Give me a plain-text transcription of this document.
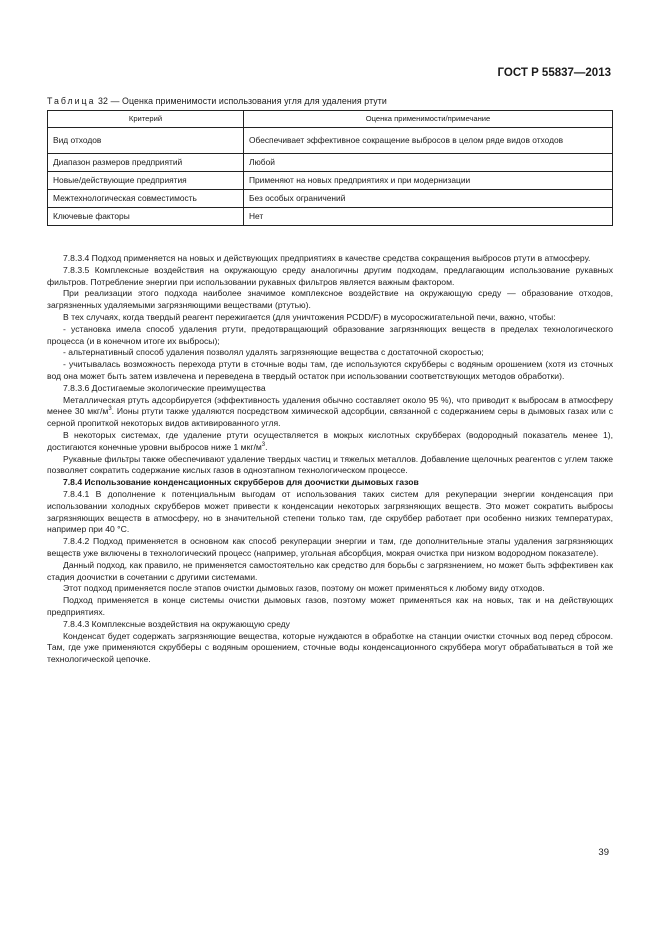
ГОСТ Р 55837—2013
Таблица 32 — Оценка применимости использования угля для удаления ртути
Критерий	Оценка применимости/примечание
Вид отходов	Обеспечивает эффективное сокращение выбросов в целом ряде видов отходов
Диапазон размеров предприятий	Любой
Новые/действующие предприятия	Применяют на новых предприятиях и при модернизации
Межтехнологическая совместимость	Без особых ограничений
Ключевые факторы	Нет

7.8.3.4 Подход применяется на новых и действующих предприятиях в качестве средства сокращения выбросов ртути в атмосферу.

7.8.3.5 Комплексные воздействия на окружающую среду аналогичны другим подходам, предлагающим использование рукавных фильтров. Потребление энергии при использовании рукавных фильтров является важным фактором.

При реализации этого подхода наиболее значимое комплексное воздействие на окружающую среду — образование отходов, загрязненных удаляемыми загрязняющими веществами (ртутью).

В тех случаях, когда твердый реагент пережигается (для уничтожения PCDD/F) в мусоросжигательной печи, важно, чтобы:

- установка имела способ удаления ртути, предотвращающий образование загрязняющих веществ в пределах технологического процесса (и в конечном итоге их выбросы);

- альтернативный способ удаления позволял удалять загрязняющие вещества с достаточной скоростью;

- учитывалась возможность перехода ртути в сточные воды там, где используются скрубберы с водяным орошением (хотя из сточных вод она может быть затем извлечена и переведена в твердый остаток при использовании соответствующих методов обработки).

7.8.3.6 Достигаемые экологические преимущества

Металлическая ртуть адсорбируется (эффективность удаления обычно составляет около 95 %), что приводит к выбросам в атмосферу менее 30 мкг/$м^3$. Ионы ртути также удаляются посредством химической адсорбции, связанной с содержанием серы в дымовых газах или с серной пропиткой некоторых видов активированного угля.

В некоторых системах, где удаление ртути осуществляется в мокрых кислотных скрубберах (водородный показатель менее 1), достигаются конечные уровни выбросов ниже 1 мкг/$м^3$.

Рукавные фильтры также обеспечивают удаление твердых частиц и тяжелых металлов. Добавление щелочных реагентов с углем также позволяет сократить содержание кислых газов в одноэтапном технологическом процессе.

7.8.4 Использование конденсационных скрубберов для доочистки дымовых газов

7.8.4.1 В дополнение к потенциальным выгодам от использования таких систем для рекуперации энергии конденсация при использовании холодных скрубберов может привести к конденсации некоторых загрязняющих веществ. Это может сократить выбросы загрязняющих веществ в атмосферу, но в значительной степени только там, где скруббер работает при особенно низких температурах, например при 40 °С.

7.8.4.2 Подход применяется в основном как способ рекуперации энергии и там, где дополнительные этапы удаления загрязняющих веществ уже включены в технологический процесс (например, угольная абсорбция, мокрая очистка при низком водородном показателе).

Данный подход, как правило, не применяется самостоятельно как средство для борьбы с загрязнением, но может быть эффективен как стадия доочистки в сочетании с другими системами.

Этот подход применяется после этапов очистки дымовых газов, поэтому он может применяться к любому виду отходов.

Подход применяется в конце системы очистки дымовых газов, поэтому может применяться как на новых, так и на действующих предприятиях.

7.8.4.3 Комплексные воздействия на окружающую среду

Конденсат будет содержать загрязняющие вещества, которые нуждаются в обработке на станции очистки сточных вод перед сбросом. Там, где уже применяются скрубберы с водяным орошением, сточные воды конденсационного скруббера могут обрабатываться в той же технологической цепочке.

39
